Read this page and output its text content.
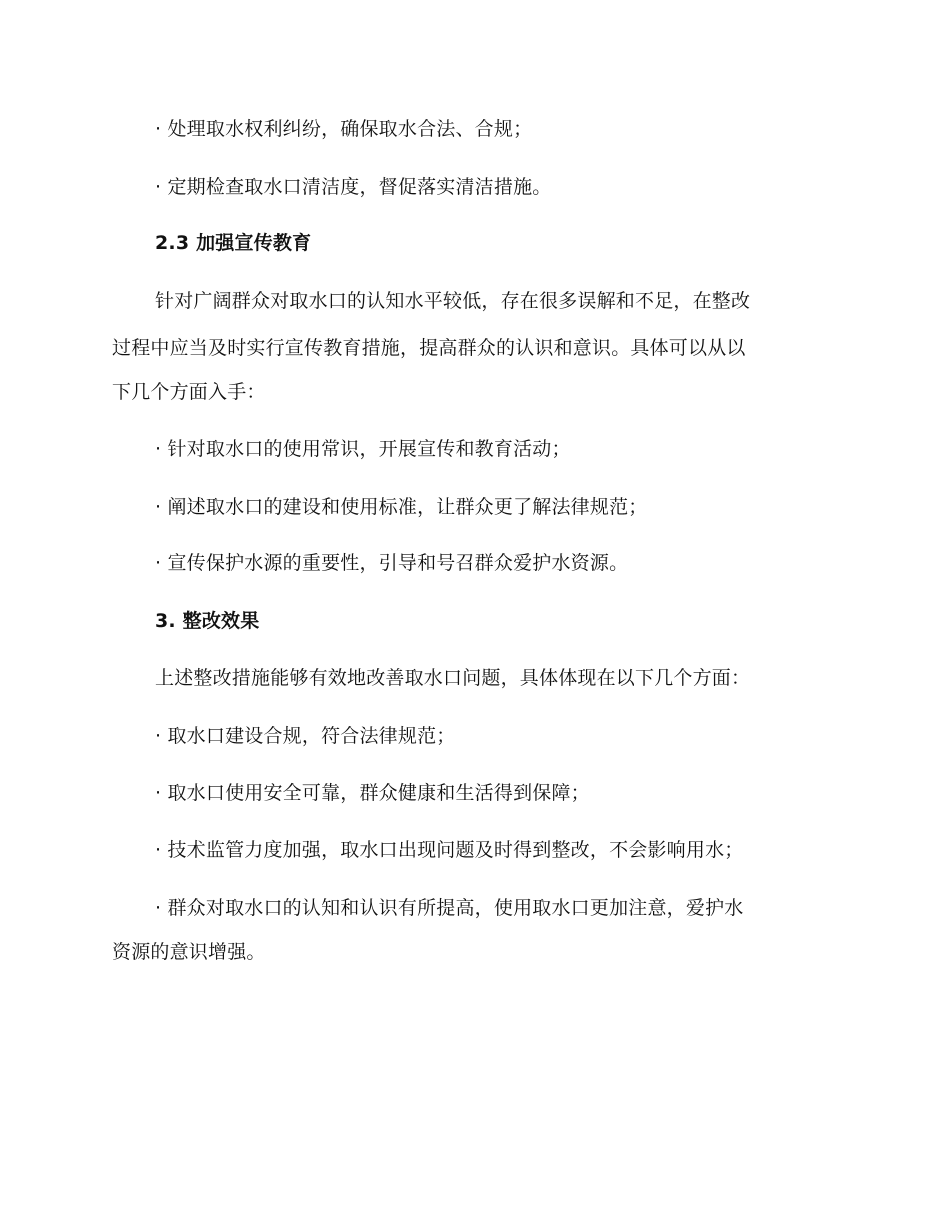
· 处理取水权利纠纷，确保取水合法、合规；
· 定期检查取水口清洁度，督促落实清洁措施。
2.3 加强宣传教育
针对广阔群众对取水口的认知水平较低，存在很多误解和不足，在整改
过程中应当及时实行宣传教育措施，提高群众的认识和意识。具体可以从以
下几个方面入手：
· 针对取水口的使用常识，开展宣传和教育活动；
· 阐述取水口的建设和使用标准，让群众更了解法律规范；
· 宣传保护水源的重要性，引导和号召群众爱护水资源。
3. 整改效果
上述整改措施能够有效地改善取水口问题，具体体现在以下几个方面：
· 取水口建设合规，符合法律规范；
· 取水口使用安全可靠，群众健康和生活得到保障；
· 技术监管力度加强，取水口出现问题及时得到整改，不会影响用水；
· 群众对取水口的认知和认识有所提高，使用取水口更加注意，爱护水
资源的意识增强。
